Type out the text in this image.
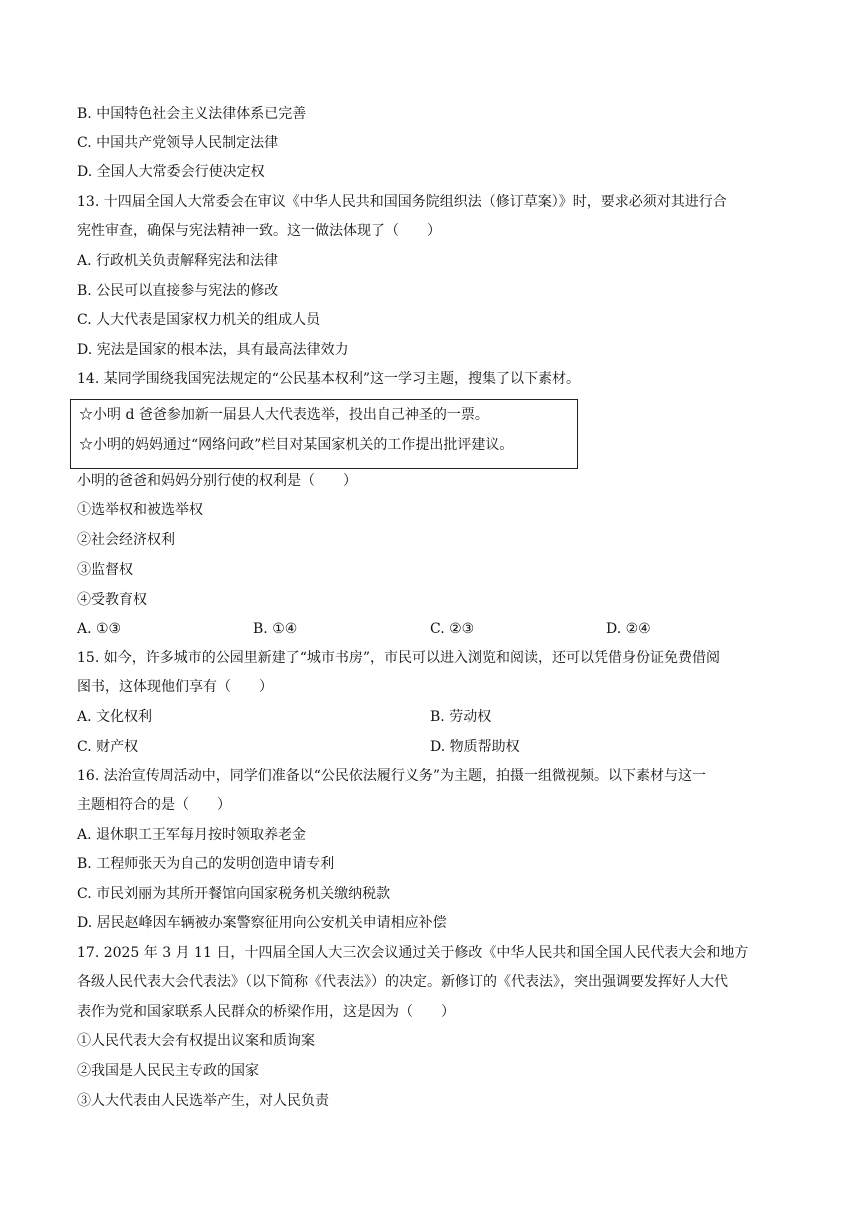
B. 中国特色社会主义法律体系已完善
C. 中国共产党领导人民制定法律
D. 全国人大常委会行使决定权
13. 十四届全国人大常委会在审议《中华人民共和国国务院组织法（修订草案）》时，要求必须对其进行合
宪性审查，确保与宪法精神一致。这一做法体现了（　　）
A. 行政机关负责解释宪法和法律
B. 公民可以直接参与宪法的修改
C. 人大代表是国家权力机关的组成人员
D. 宪法是国家的根本法，具有最高法律效力
14. 某同学围绕我国宪法规定的“公民基本权利”这一学习主题，搜集了以下素材。
☆小明 d 爸爸参加新一届县人大代表选举，投出自己神圣的一票。
☆小明的妈妈通过“网络问政”栏目对某国家机关的工作提出批评建议。
小明的爸爸和妈妈分别行使的权利是（　　）
①选举权和被选举权
②社会经济权利
③监督权
④受教育权
A. ①③	B. ①④	C. ②③	D. ②④
15. 如今，许多城市的公园里新建了“城市书房”，市民可以进入浏览和阅读，还可以凭借身份证免费借阅
图书，这体现他们享有（　　）
A. 文化权利	B. 劳动权
C. 财产权	D. 物质帮助权
16. 法治宣传周活动中，同学们准备以“公民依法履行义务”为主题，拍摄一组微视频。以下素材与这一
主题相符合的是（　　）
A. 退休职工王军每月按时领取养老金
B. 工程师张天为自己的发明创造申请专利
C. 市民刘丽为其所开餐馆向国家税务机关缴纳税款
D. 居民赵峰因车辆被办案警察征用向公安机关申请相应补偿
17. 2025 年 3 月 11 日，十四届全国人大三次会议通过关于修改《中华人民共和国全国人民代表大会和地方
各级人民代表大会代表法》（以下简称《代表法》）的决定。新修订的《代表法》，突出强调要发挥好人大代
表作为党和国家联系人民群众的桥梁作用，这是因为（　　）
①人民代表大会有权提出议案和质询案
②我国是人民民主专政的国家
③人大代表由人民选举产生，对人民负责
